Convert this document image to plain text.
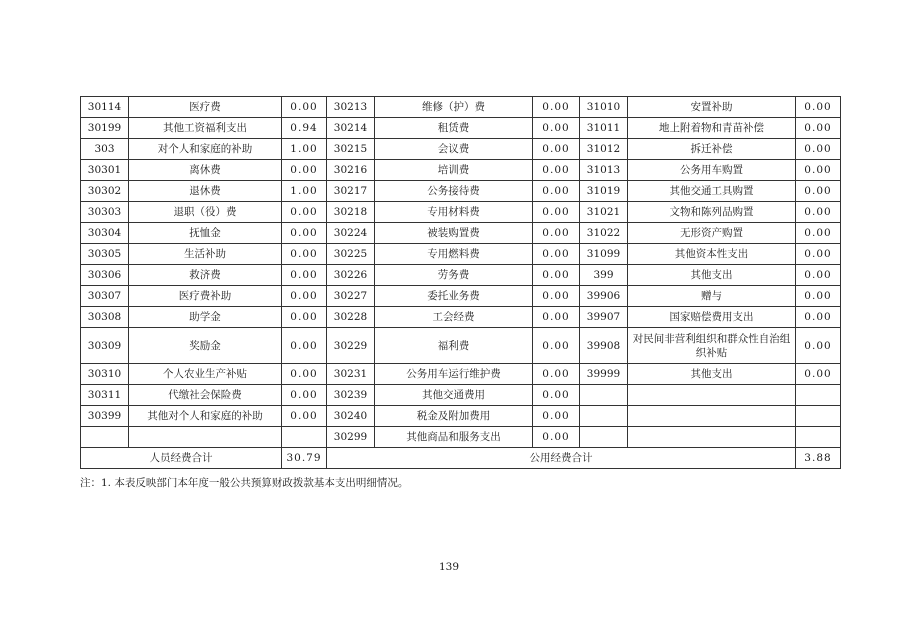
30114	医疗费	0.00	30213	维修（护）费	0.00	31010	安置补助	0.00
30199	其他工资福利支出	0.94	30214	租赁费	0.00	31011	地上附着物和青苗补偿	0.00
303	对个人和家庭的补助	1.00	30215	会议费	0.00	31012	拆迁补偿	0.00
30301	离休费	0.00	30216	培训费	0.00	31013	公务用车购置	0.00
30302	退休费	1.00	30217	公务接待费	0.00	31019	其他交通工具购置	0.00
30303	退职（役）费	0.00	30218	专用材料费	0.00	31021	文物和陈列品购置	0.00
30304	抚恤金	0.00	30224	被装购置费	0.00	31022	无形资产购置	0.00
30305	生活补助	0.00	30225	专用燃料费	0.00	31099	其他资本性支出	0.00
30306	救济费	0.00	30226	劳务费	0.00	399	其他支出	0.00
30307	医疗费补助	0.00	30227	委托业务费	0.00	39906	赠与	0.00
30308	助学金	0.00	30228	工会经费	0.00	39907	国家赔偿费用支出	0.00
30309	奖励金	0.00	30229	福利费	0.00	39908	对民间非营利组织和群众性自治组织补贴	0.00
30310	个人农业生产补贴	0.00	30231	公务用车运行维护费	0.00	39999	其他支出	0.00
30311	代缴社会保险费	0.00	30239	其他交通费用	0.00			
30399	其他对个人和家庭的补助	0.00	30240	税金及附加费用	0.00			
			30299	其他商品和服务支出	0.00			
人员经费合计		30.79	公用经费合计					3.88
注：1. 本表反映部门本年度一般公共预算财政拨款基本支出明细情况。
139
